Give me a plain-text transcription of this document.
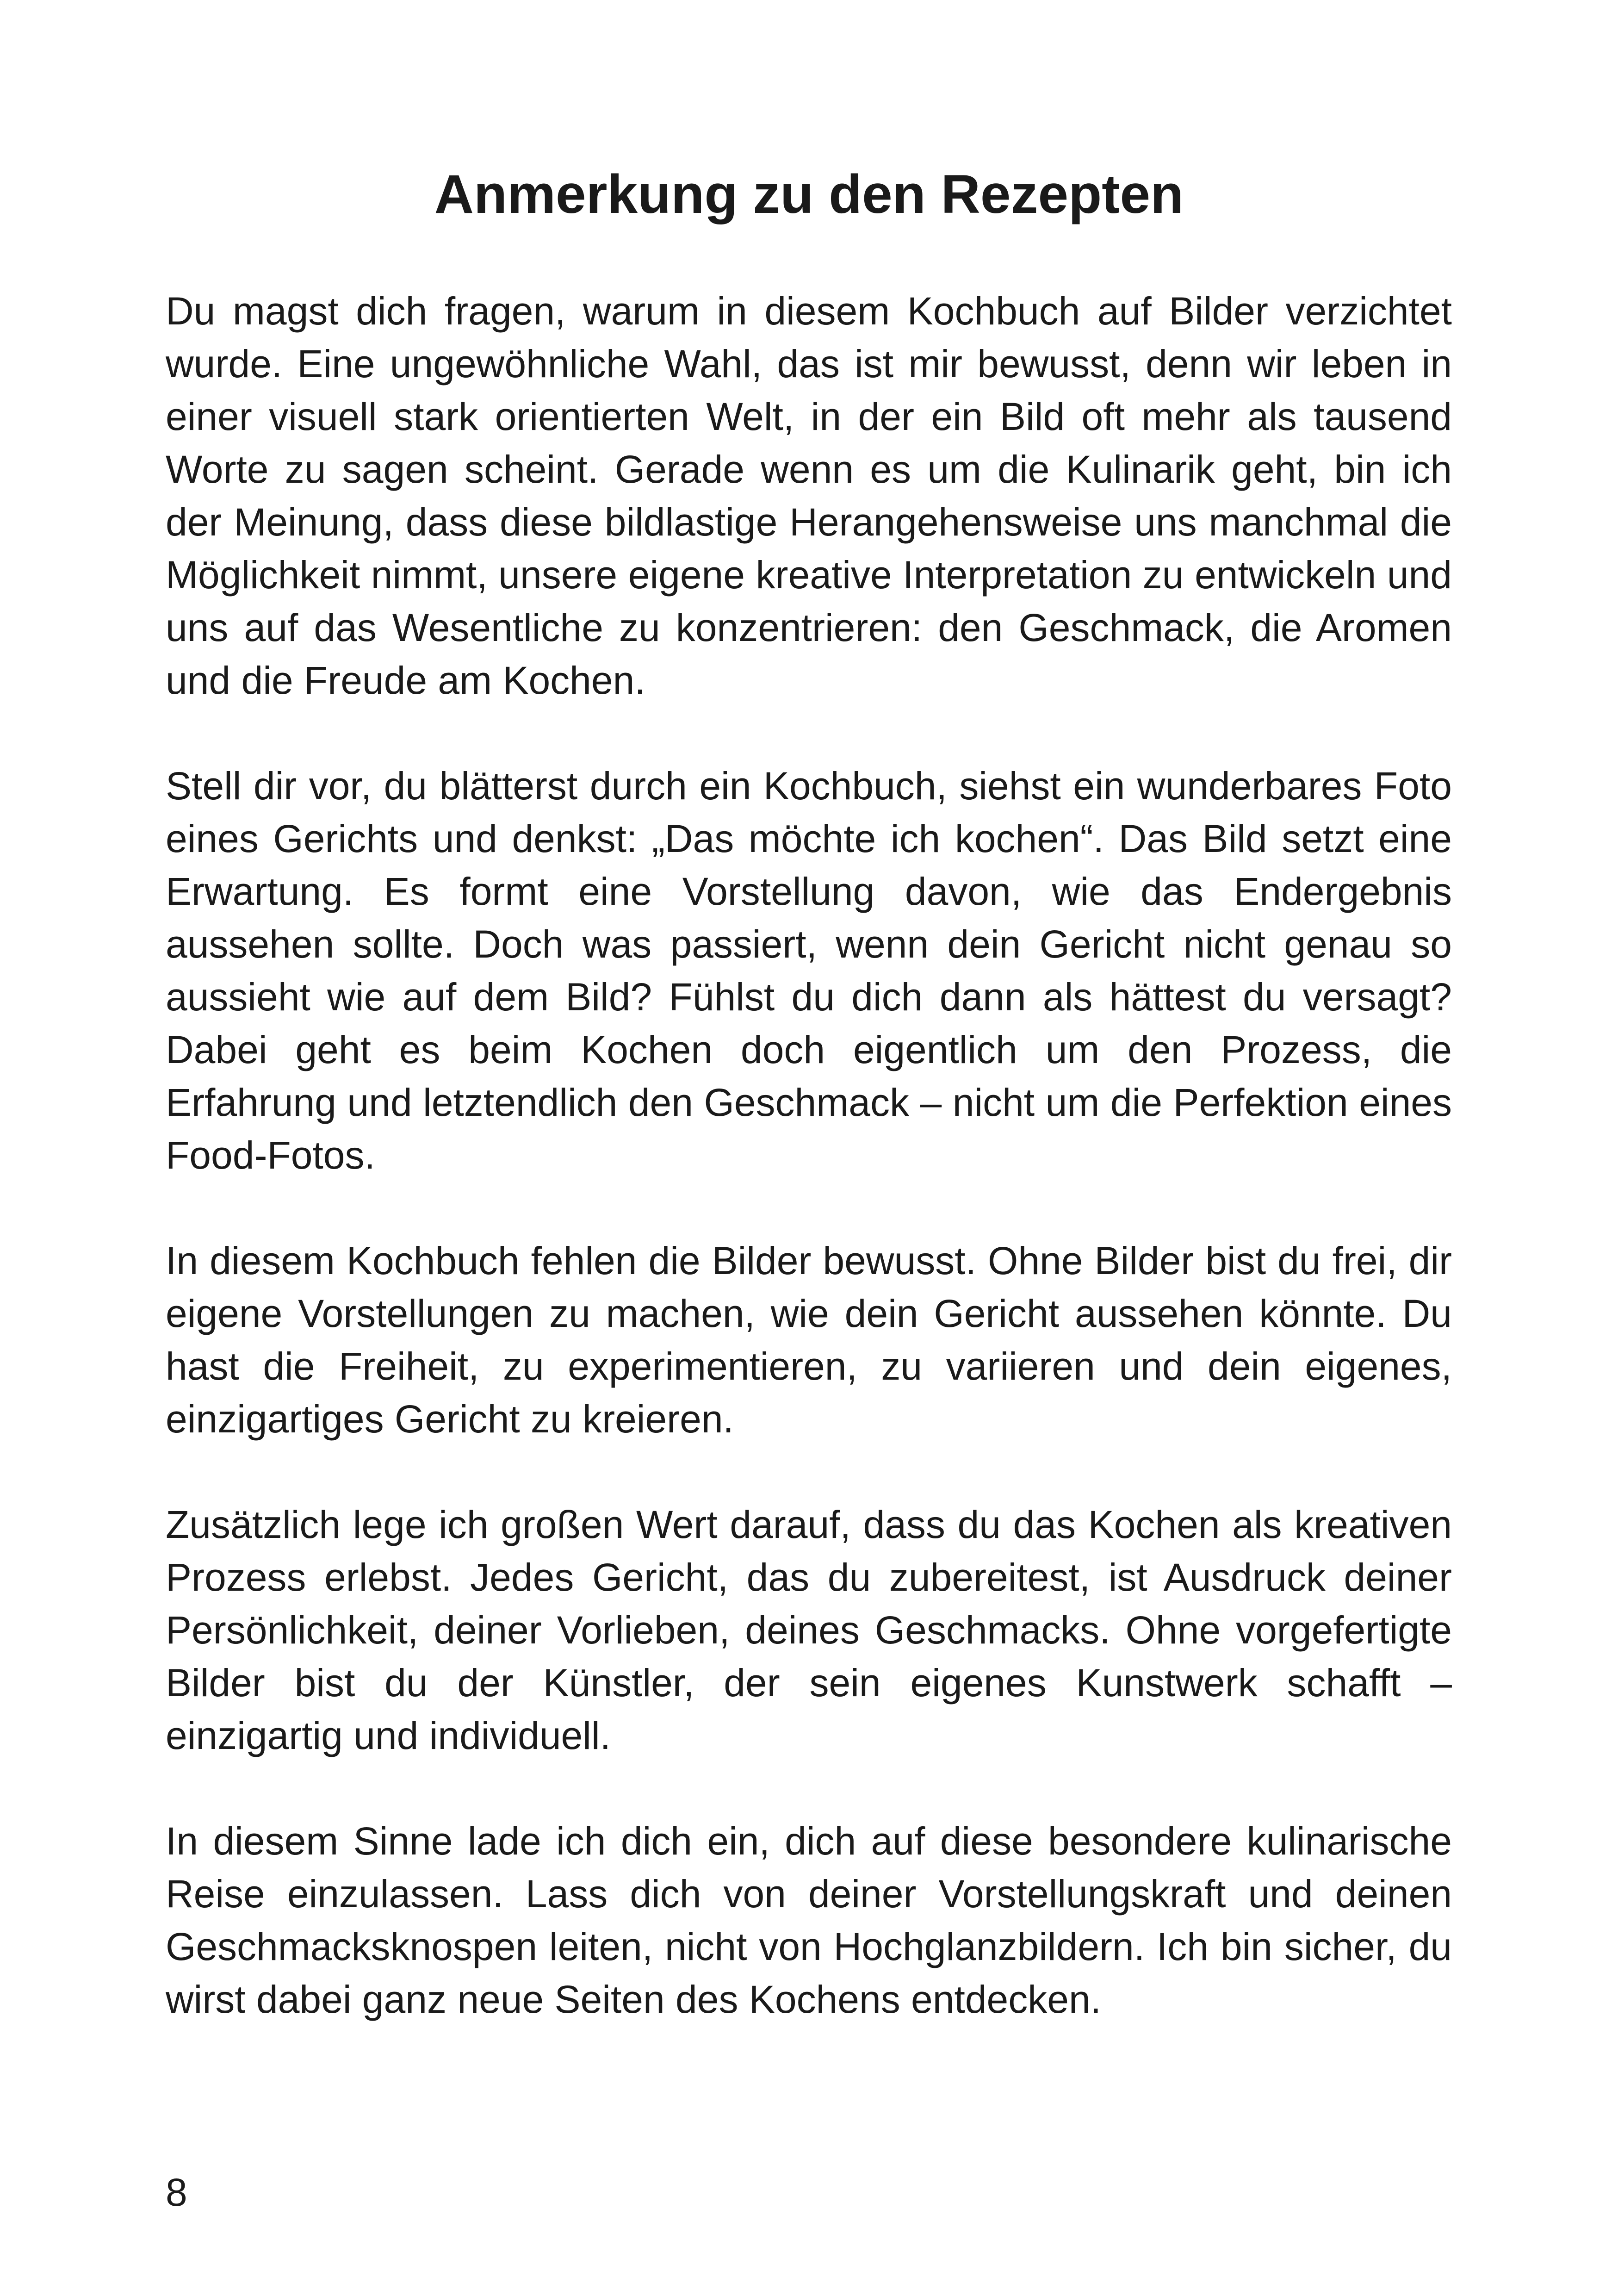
Anmerkung zu den Rezepten

Du magst dich fragen, warum in diesem Kochbuch auf Bilder verzichtet wurde. Eine ungewöhnliche Wahl, das ist mir bewusst, denn wir leben in einer visuell stark orientierten Welt, in der ein Bild oft mehr als tausend Worte zu sagen scheint. Gerade wenn es um die Kulinarik geht, bin ich der Meinung, dass diese bildlastige Herangehensweise uns manchmal die Möglichkeit nimmt, unsere eigene kreative Interpretation zu entwickeln und uns auf das Wesentliche zu konzentrieren: den Geschmack, die Aromen und die Freude am Kochen.

Stell dir vor, du blätterst durch ein Kochbuch, siehst ein wunderbares Foto eines Gerichts und denkst: „Das möchte ich kochen“. Das Bild setzt eine Erwartung. Es formt eine Vorstellung davon, wie das Endergebnis aussehen sollte. Doch was passiert, wenn dein Gericht nicht genau so aussieht wie auf dem Bild? Fühlst du dich dann als hättest du versagt? Dabei geht es beim Kochen doch eigentlich um den Prozess, die Erfahrung und letztendlich den Geschmack – nicht um die Perfektion eines Food-Fotos.

In diesem Kochbuch fehlen die Bilder bewusst. Ohne Bilder bist du frei, dir eigene Vorstellungen zu machen, wie dein Gericht aussehen könnte. Du hast die Freiheit, zu experimentieren, zu variieren und dein eigenes, einzigartiges Gericht zu kreieren.

Zusätzlich lege ich großen Wert darauf, dass du das Kochen als kreativen Prozess erlebst. Jedes Gericht, das du zubereitest, ist Ausdruck deiner Persönlichkeit, deiner Vorlieben, deines Geschmacks. Ohne vorgefertigte Bilder bist du der Künstler, der sein eigenes Kunstwerk schafft – einzigartig und individuell.

In diesem Sinne lade ich dich ein, dich auf diese besondere kulinarische Reise einzulassen. Lass dich von deiner Vorstellungskraft und deinen Geschmacksknospen leiten, nicht von Hochglanzbildern. Ich bin sicher, du wirst dabei ganz neue Seiten des Kochens entdecken.

8
